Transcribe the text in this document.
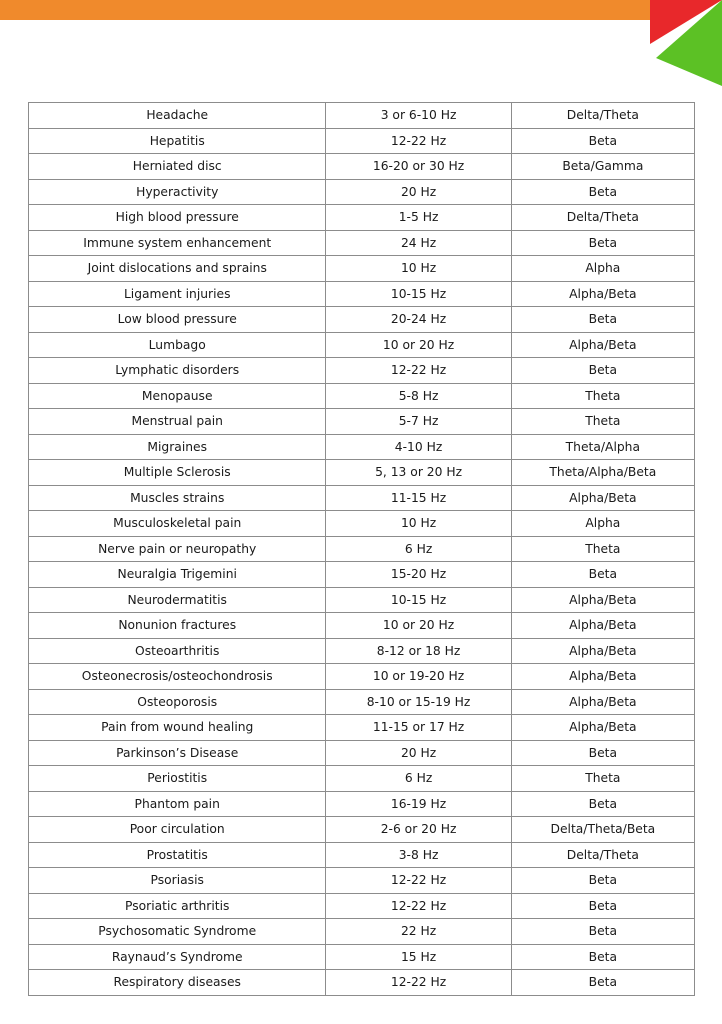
Headache	3 or 6-10 Hz	Delta/Theta
Hepatitis	12-22 Hz	Beta
Herniated disc	16-20 or 30 Hz	Beta/Gamma
Hyperactivity	20 Hz	Beta
High blood pressure	1-5 Hz	Delta/Theta
Immune system enhancement	24 Hz	Beta
Joint dislocations and sprains	10 Hz	Alpha
Ligament injuries	10-15 Hz	Alpha/Beta
Low blood pressure	20-24 Hz	Beta
Lumbago	10 or 20 Hz	Alpha/Beta
Lymphatic disorders	12-22 Hz	Beta
Menopause	5-8 Hz	Theta
Menstrual pain	5-7 Hz	Theta
Migraines	4-10 Hz	Theta/Alpha
Multiple Sclerosis	5, 13 or 20 Hz	Theta/Alpha/Beta
Muscles strains	11-15 Hz	Alpha/Beta
Musculoskeletal pain	10 Hz	Alpha
Nerve pain or neuropathy	6 Hz	Theta
Neuralgia Trigemini	15-20 Hz	Beta
Neurodermatitis	10-15 Hz	Alpha/Beta
Nonunion fractures	10 or 20 Hz	Alpha/Beta
Osteoarthritis	8-12 or 18 Hz	Alpha/Beta
Osteonecrosis/osteochondrosis	10 or 19-20 Hz	Alpha/Beta
Osteoporosis	8-10 or 15-19 Hz	Alpha/Beta
Pain from wound healing	11-15 or 17 Hz	Alpha/Beta
Parkinson’s Disease	20 Hz	Beta
Periostitis	6 Hz	Theta
Phantom pain	16-19 Hz	Beta
Poor circulation	2-6 or 20 Hz	Delta/Theta/Beta
Prostatitis	3-8 Hz	Delta/Theta
Psoriasis	12-22 Hz	Beta
Psoriatic arthritis	12-22 Hz	Beta
Psychosomatic Syndrome	22 Hz	Beta
Raynaud’s Syndrome	15 Hz	Beta
Respiratory diseases	12-22 Hz	Beta
